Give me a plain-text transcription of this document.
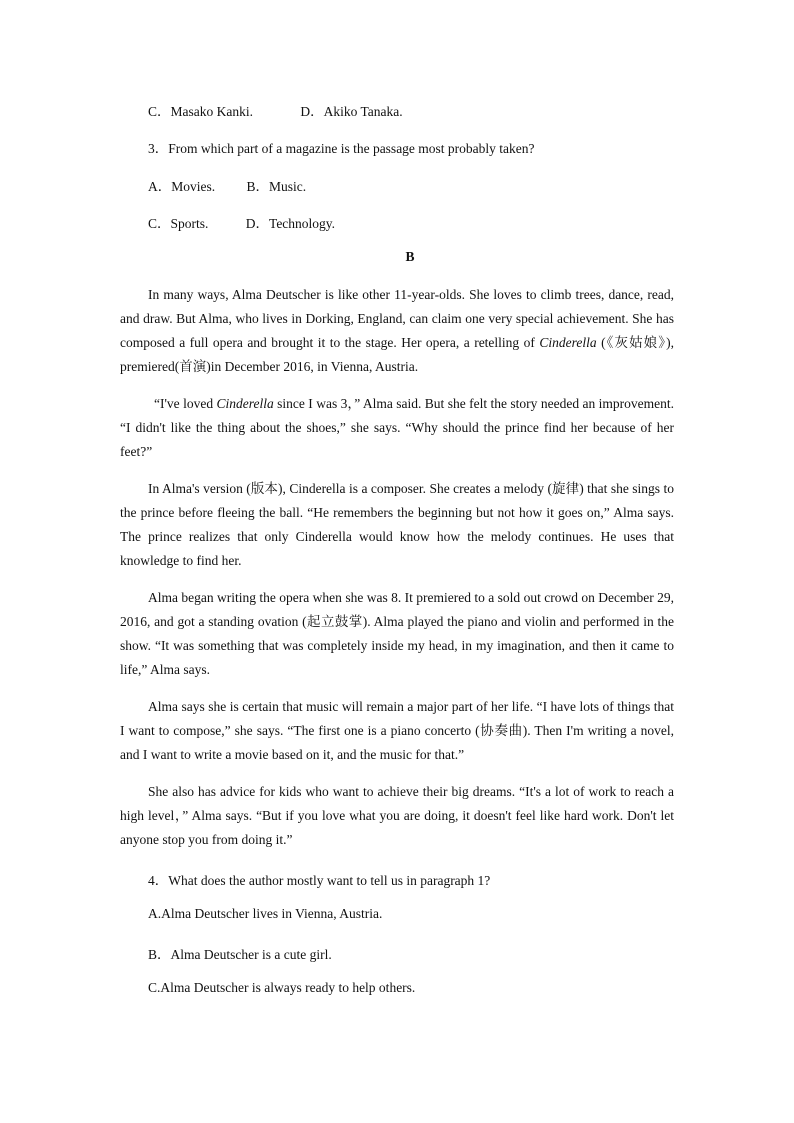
C．Masako Kanki.	D．Akiko Tanaka.
3．From which part of a magazine is the passage most probably taken?
A．Movies. B．Music.
C．Sports.	D．Technology.
B
In many ways, Alma Deutscher is like other 11-year-olds. She loves to climb trees, dance, read, and draw. But Alma, who lives in Dorking, England, can claim one very special achievement. She has composed a full opera and brought it to the stage. Her opera, a retelling of Cinderella (《灰姑娘》), premiered(首演)in December 2016, in Vienna, Austria.
“I've loved Cinderella since I was 3，” Alma said. But she felt the story needed an improvement. “I didn't like the thing about the shoes,” she says. “Why should the prince find her because of her feet?”
In Alma's version (版本), Cinderella is a composer. She creates a melody (旋律) that she sings to the prince before fleeing the ball. “He remembers the beginning but not how it goes on,” Alma says. The prince realizes that only Cinderella would know how the melody continues. He uses that knowledge to find her.
Alma began writing the opera when she was 8. It premiered to a sold out crowd on December 29, 2016, and got a standing ovation (起立鼓掌). Alma played the piano and violin and performed in the show. “It was something that was completely inside my head, in my imagination, and then it came to life,” Alma says.
Alma says she is certain that music will remain a major part of her life. “I have lots of things that I want to compose,” she says. “The first one is a piano concerto (协奏曲). Then I'm writing a novel, and I want to write a movie based on it, and the music for that.”
She also has advice for kids who want to achieve their big dreams. “It's a lot of work to reach a high level，” Alma says. “But if you love what you are doing, it doesn't feel like hard work. Don't let anyone stop you from doing it.”
4．What does the author mostly want to tell us in paragraph 1?
A.Alma Deutscher lives in Vienna, Austria.
B．Alma Deutscher is a cute girl.
C.Alma Deutscher is always ready to help others.
